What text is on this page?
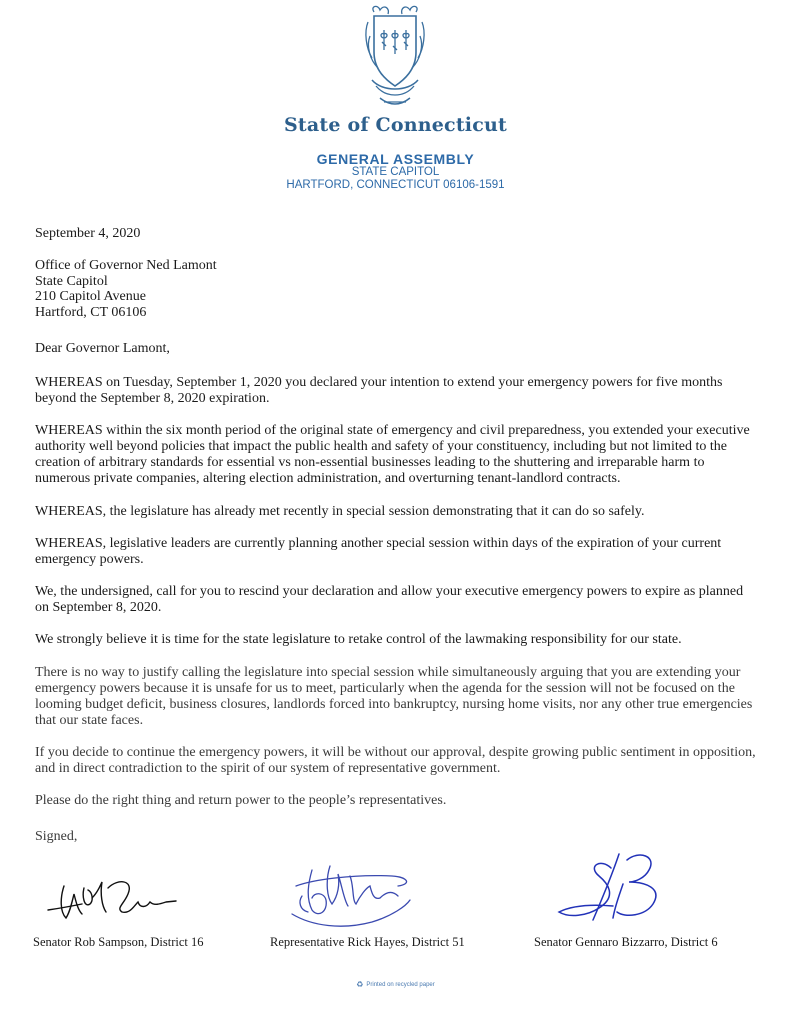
State of Connecticut
GENERAL ASSEMBLY
STATE CAPITOL
HARTFORD, CONNECTICUT 06106-1591
September 4, 2020
Office of Governor Ned Lamont
State Capitol
210 Capitol Avenue
Hartford, CT 06106
Dear Governor Lamont,
WHEREAS on Tuesday, September 1, 2020 you declared your intention to extend your emergency powers for five months beyond the September 8, 2020 expiration.
WHEREAS within the six month period of the original state of emergency and civil preparedness, you extended your executive authority well beyond policies that impact the public health and safety of your constituency, including but not limited to the creation of arbitrary standards for essential vs non-essential businesses leading to the shuttering and irreparable harm to numerous private companies, altering election administration, and overturning tenant-landlord contracts.
WHEREAS, the legislature has already met recently in special session demonstrating that it can do so safely.
WHEREAS, legislative leaders are currently planning another special session within days of the expiration of your current emergency powers.
We, the undersigned, call for you to rescind your declaration and allow your executive emergency powers to expire as planned on September 8, 2020.
We strongly believe it is time for the state legislature to retake control of the lawmaking responsibility for our state.
There is no way to justify calling the legislature into special session while simultaneously arguing that you are extending your emergency powers because it is unsafe for us to meet, particularly when the agenda for the session will not be focused on the looming budget deficit, business closures, landlords forced into bankruptcy, nursing home visits, nor any other true emergencies that our state faces.
If you decide to continue the emergency powers, it will be without our approval, despite growing public sentiment in opposition, and in direct contradiction to the spirit of our system of representative government.
Please do the right thing and return power to the people’s representatives.
Signed,
Senator Rob Sampson, District 16	Representative Rick Hayes, District 51	Senator Gennaro Bizzarro, District 6
♻ Printed on recycled paper
